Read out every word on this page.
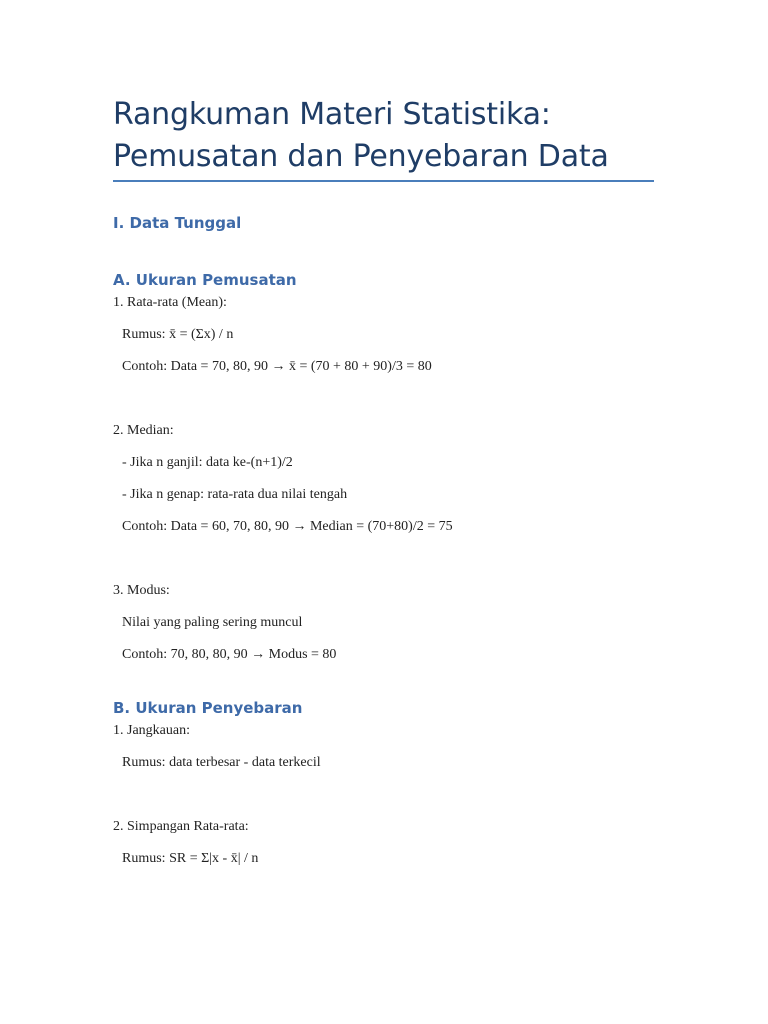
Rangkuman Materi Statistika:
Pemusatan dan Penyebaran Data
I. Data Tunggal
A. Ukuran Pemusatan
1. Rata-rata (Mean):
Rumus: x̄ = (Σx) / n
Contoh: Data = 70, 80, 90 → x̄ = (70 + 80 + 90)/3 = 80
2. Median:
- Jika n ganjil: data ke-(n+1)/2
- Jika n genap: rata-rata dua nilai tengah
Contoh: Data = 60, 70, 80, 90 → Median = (70+80)/2 = 75
3. Modus:
Nilai yang paling sering muncul
Contoh: 70, 80, 80, 90 → Modus = 80
B. Ukuran Penyebaran
1. Jangkauan:
Rumus: data terbesar - data terkecil
2. Simpangan Rata-rata:
Rumus: SR = Σ|x - x̄| / n
